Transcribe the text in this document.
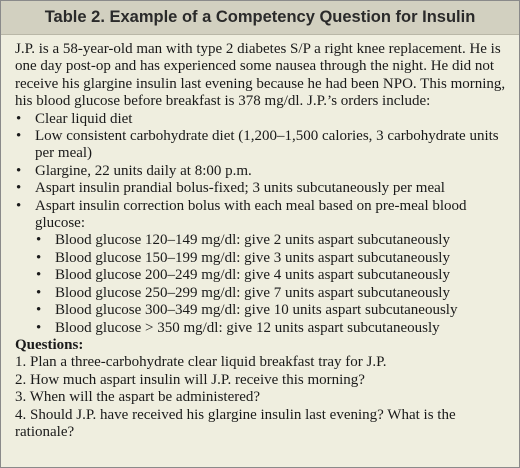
Table 2. Example of a Competency Question for Insulin

J.P. is a 58-year-old man with type 2 diabetes S/P a right knee replacement. He is one day post-op and has experienced some nausea through the night. He did not receive his glargine insulin last evening because he had been NPO. This morning, his blood glucose before breakfast is 378 mg/dl. J.P.’s orders include:

• Clear liquid diet
• Low consistent carbohydrate diet (1,200–1,500 calories, 3 carbohydrate units per meal)
• Glargine, 22 units daily at 8:00 p.m.
• Aspart insulin prandial bolus-fixed; 3 units subcutaneously per meal
• Aspart insulin correction bolus with each meal based on pre-meal blood glucose:
• Blood glucose 120–149 mg/dl: give 2 units aspart subcutaneously
• Blood glucose 150–199 mg/dl: give 3 units aspart subcutaneously
• Blood glucose 200–249 mg/dl: give 4 units aspart subcutaneously
• Blood glucose 250–299 mg/dl: give 7 units aspart subcutaneously
• Blood glucose 300–349 mg/dl: give 10 units aspart subcutaneously
• Blood glucose > 350 mg/dl: give 12 units aspart subcutaneously

Questions:

1. Plan a three-carbohydrate clear liquid breakfast tray for J.P.
2. How much aspart insulin will J.P. receive this morning?
3. When will the aspart be administered?
4. Should J.P. have received his glargine insulin last evening? What is the rationale?
